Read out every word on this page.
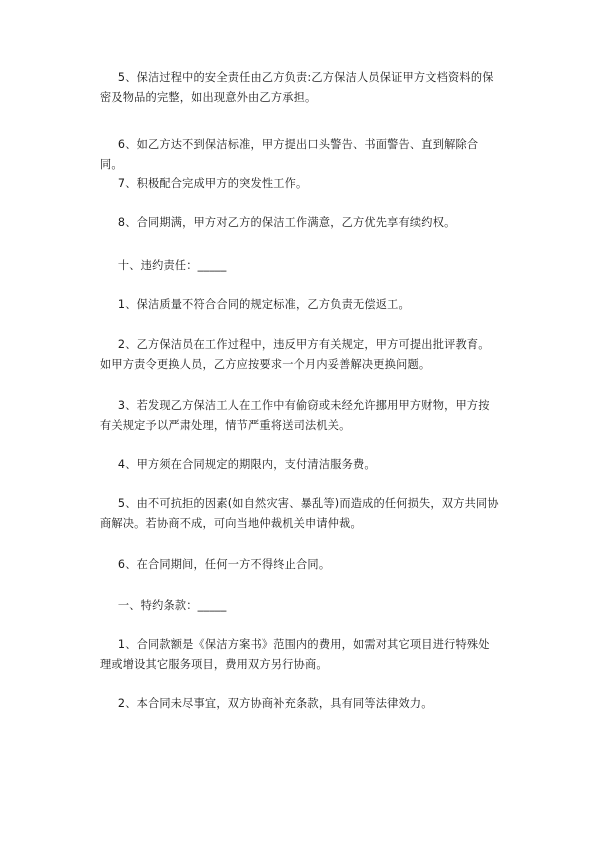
5、保洁过程中的安全责任由乙方负责:乙方保洁人员保证甲方文档资料的保密及物品的完整，如出现意外由乙方承担。
6、如乙方达不到保洁标准，甲方提出口头警告、书面警告、直到解除合同。
7、积极配合完成甲方的突发性工作。
8、合同期满，甲方对乙方的保洁工作满意，乙方优先享有续约权。
十、违约责任：_____
1、保洁质量不符合合同的规定标准，乙方负责无偿返工。
2、乙方保洁员在工作过程中，违反甲方有关规定，甲方可提出批评教育。如甲方责令更换人员，乙方应按要求一个月内妥善解决更换问题。
3、若发现乙方保洁工人在工作中有偷窃或未经允许挪用甲方财物，甲方按有关规定予以严肃处理，情节严重将送司法机关。
4、甲方须在合同规定的期限内，支付清洁服务费。
5、由不可抗拒的因素(如自然灾害、暴乱等)而造成的任何损失，双方共同协商解决。若协商不成，可向当地仲裁机关申请仲裁。
6、在合同期间，任何一方不得终止合同。
一、特约条款：_____
1、合同款额是《保洁方案书》范围内的费用，如需对其它项目进行特殊处理或增设其它服务项目，费用双方另行协商。
2、本合同未尽事宜，双方协商补充条款，具有同等法律效力。
